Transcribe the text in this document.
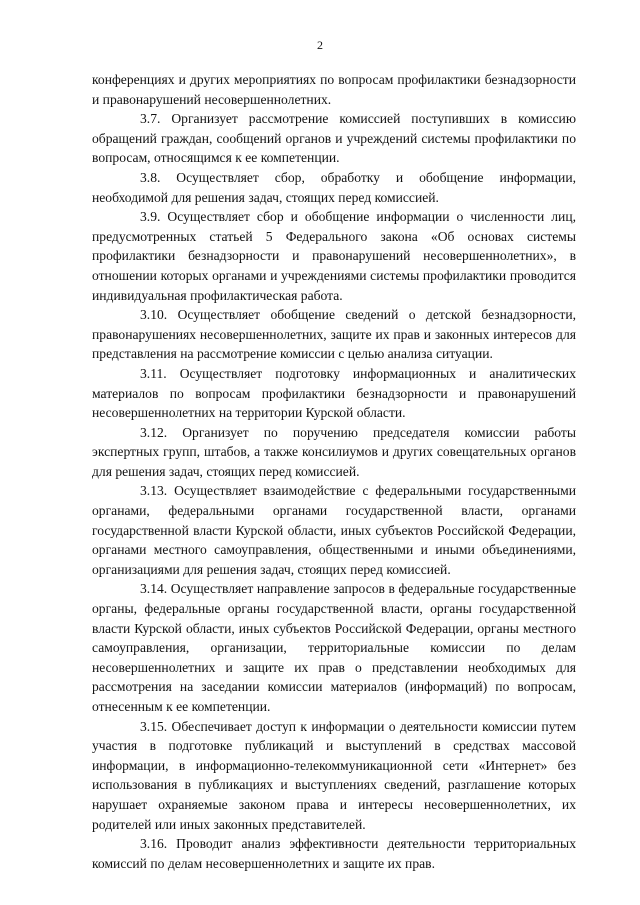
2

конференциях и других мероприятиях по вопросам профилактики безнадзорности и правонарушений несовершеннолетних.

3.7. Организует рассмотрение комиссией поступивших в комиссию обращений граждан, сообщений органов и учреждений системы профилактики по вопросам, относящимся к ее компетенции.

3.8. Осуществляет сбор, обработку и обобщение информации, необходимой для решения задач, стоящих перед комиссией.

3.9. Осуществляет сбор и обобщение информации о численности лиц, предусмотренных статьей 5 Федерального закона «Об основах системы профилактики безнадзорности и правонарушений несовершеннолетних», в отношении которых органами и учреждениями системы профилактики проводится индивидуальная профилактическая работа.

3.10. Осуществляет обобщение сведений о детской безнадзорности, правонарушениях несовершеннолетних, защите их прав и законных интересов для представления на рассмотрение комиссии с целью анализа ситуации.

3.11. Осуществляет подготовку информационных и аналитических материалов по вопросам профилактики безнадзорности и правонарушений несовершеннолетних на территории Курской области.

3.12. Организует по поручению председателя комиссии работы экспертных групп, штабов, а также консилиумов и других совещательных органов для решения задач, стоящих перед комиссией.

3.13. Осуществляет взаимодействие с федеральными государственными органами, федеральными органами государственной власти, органами государственной власти Курской области, иных субъектов Российской Федерации, органами местного самоуправления, общественными и иными объединениями, организациями для решения задач, стоящих перед комиссией.

3.14. Осуществляет направление запросов в федеральные государственные органы, федеральные органы государственной власти, органы государственной власти Курской области, иных субъектов Российской Федерации, органы местного самоуправления, организации, территориальные комиссии по делам несовершеннолетних и защите их прав о представлении необходимых для рассмотрения на заседании комиссии материалов (информаций) по вопросам, отнесенным к ее компетенции.

3.15. Обеспечивает доступ к информации о деятельности комиссии путем участия в подготовке публикаций и выступлений в средствах массовой информации, в информационно-телекоммуникационной сети «Интернет» без использования в публикациях и выступлениях сведений, разглашение которых нарушает охраняемые законом права и интересы несовершеннолетних, их родителей или иных законных представителей.

3.16. Проводит анализ эффективности деятельности территориальных комиссий по делам несовершеннолетних и защите их прав.
